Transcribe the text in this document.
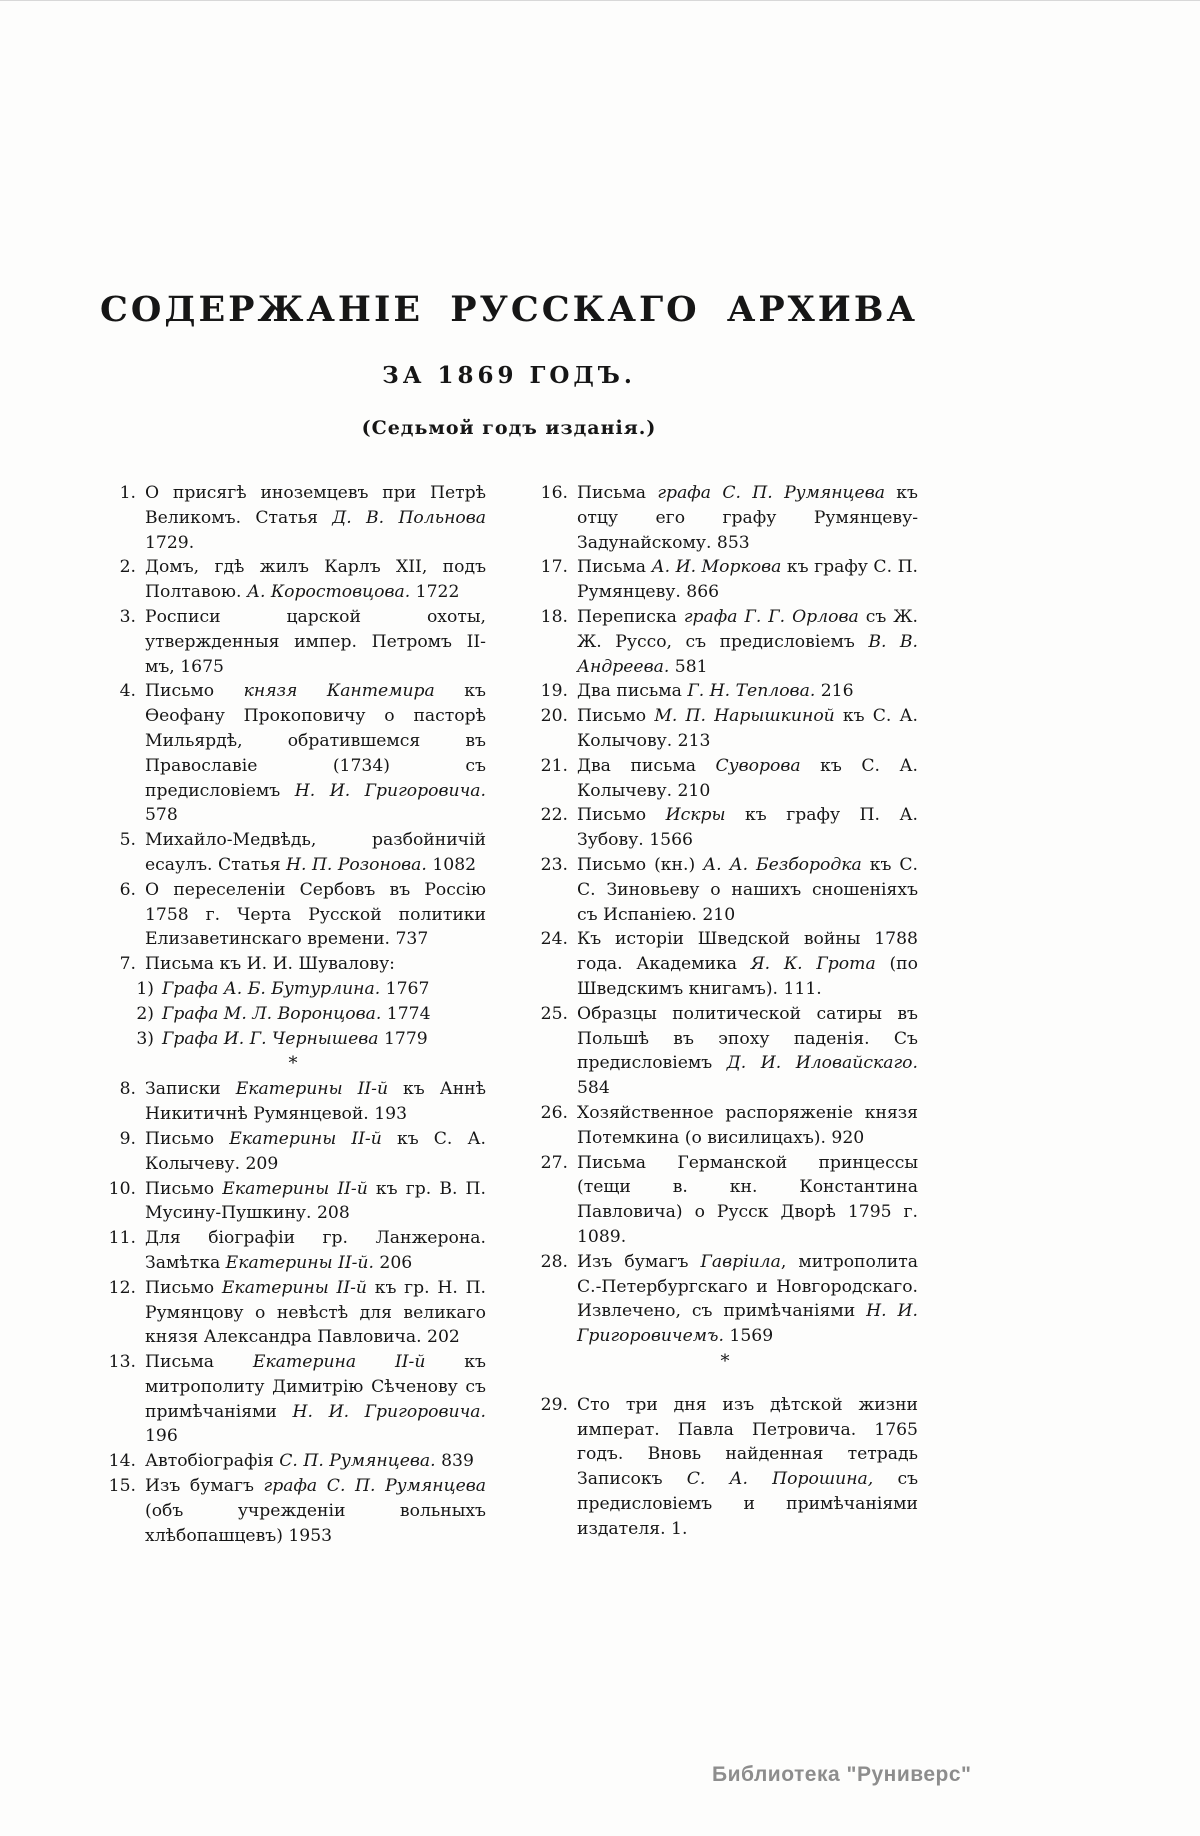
СОДЕРЖАНІЕ РУССКАГО АРХИВА
ЗА 1869 ГОДЪ.
(Седьмой годъ изданія.)
1. О присягѣ иноземцевъ при Петрѣ Великомъ. Статья Д. В. Польнова 1729.
2. Домъ, гдѣ жилъ Карлъ XII, подъ Полтавою. А. Коростовцова. 1722
3. Росписи царской охоты, утвержденныя импер. Петромъ II-мъ, 1675
4. Письмо князя Кантемира къ Ѳеофану Прокоповичу о пасторѣ Мильярдѣ, обратившемся въ Православіе (1734) съ предисловіемъ Н. И. Григоровича. 578
5. Михайло-Медвѣдь, разбойничій есаулъ. Статья Н. П. Розонова. 1082
6. О переселеніи Сербовъ въ Россію 1758 г. Черта Русской политики Елизаветинскаго времени. 737
7. Письма къ И. И. Шувалову:
1) Графа А. Б. Бутурлина. 1767
2) Графа М. Л. Воронцова. 1774
3) Графа И. Г. Чернышева 1779
*
8. Записки Екатерины II-й къ Аннѣ Никитичнѣ Румянцевой. 193
9. Письмо Екатерины II-й къ С. А. Колычеву. 209
10. Письмо Екатерины II-й къ гр. В. П. Мусину-Пушкину. 208
11. Для біографіи гр. Ланжерона. Замѣтка Екатерины II-й. 206
12. Письмо Екатерины II-й къ гр. Н. П. Румянцову о невѣстѣ для великаго князя Александра Павловича. 202
13. Письма Екатерина II-й къ митрополиту Димитрію Сѣченову съ примѣчаніями Н. И. Григоровича. 196
14. Автобіографія С. П. Румянцева. 839
15. Изъ бумагъ графа С. П. Румянцева (объ учрежденіи вольныхъ хлѣбопашцевъ) 1953
16. Письма графа С. П. Румянцева къ отцу его графу Румянцеву-Задунайскому. 853
17. Письма А. И. Моркова къ графу С. П. Румянцеву. 866
18. Переписка графа Г. Г. Орлова съ Ж. Ж. Руссо, съ предисловіемъ В. В. Андреева. 581
19. Два письма Г. Н. Теплова. 216
20. Письмо М. П. Нарышкиной къ С. А. Колычову. 213
21. Два письма Суворова къ С. А. Колычеву. 210
22. Письмо Искры къ графу П. А. Зубову. 1566
23. Письмо (кн.) А. А. Безбородка къ С. С. Зиновьеву о нашихъ сношеніяхъ съ Испаніею. 210
24. Къ исторіи Шведской войны 1788 года. Академика Я. К. Грота (по Шведскимъ книгамъ). 111.
25. Образцы политической сатиры въ Польшѣ въ эпоху паденія. Съ предисловіемъ Д. И. Иловайскаго. 584
26. Хозяйственное распоряженіе князя Потемкина (о висилицахъ). 920
27. Письма Германской принцессы (тещи в. кн. Константина Павловича) о Русск Дворѣ 1795 г. 1089.
28. Изъ бумагъ Гавріила, митрополита С.-Петербургскаго и Новгородскаго. Извлечено, съ примѣчаніями Н. И. Григоровичемъ. 1569
*
29. Сто три дня изъ дѣтской жизни императ. Павла Петровича. 1765 годъ. Вновь найденная тетрадь Записокъ С. А. Порошина, съ предисловіемъ и примѣчаніями издателя. 1.
Библиотека "Руниверс"
